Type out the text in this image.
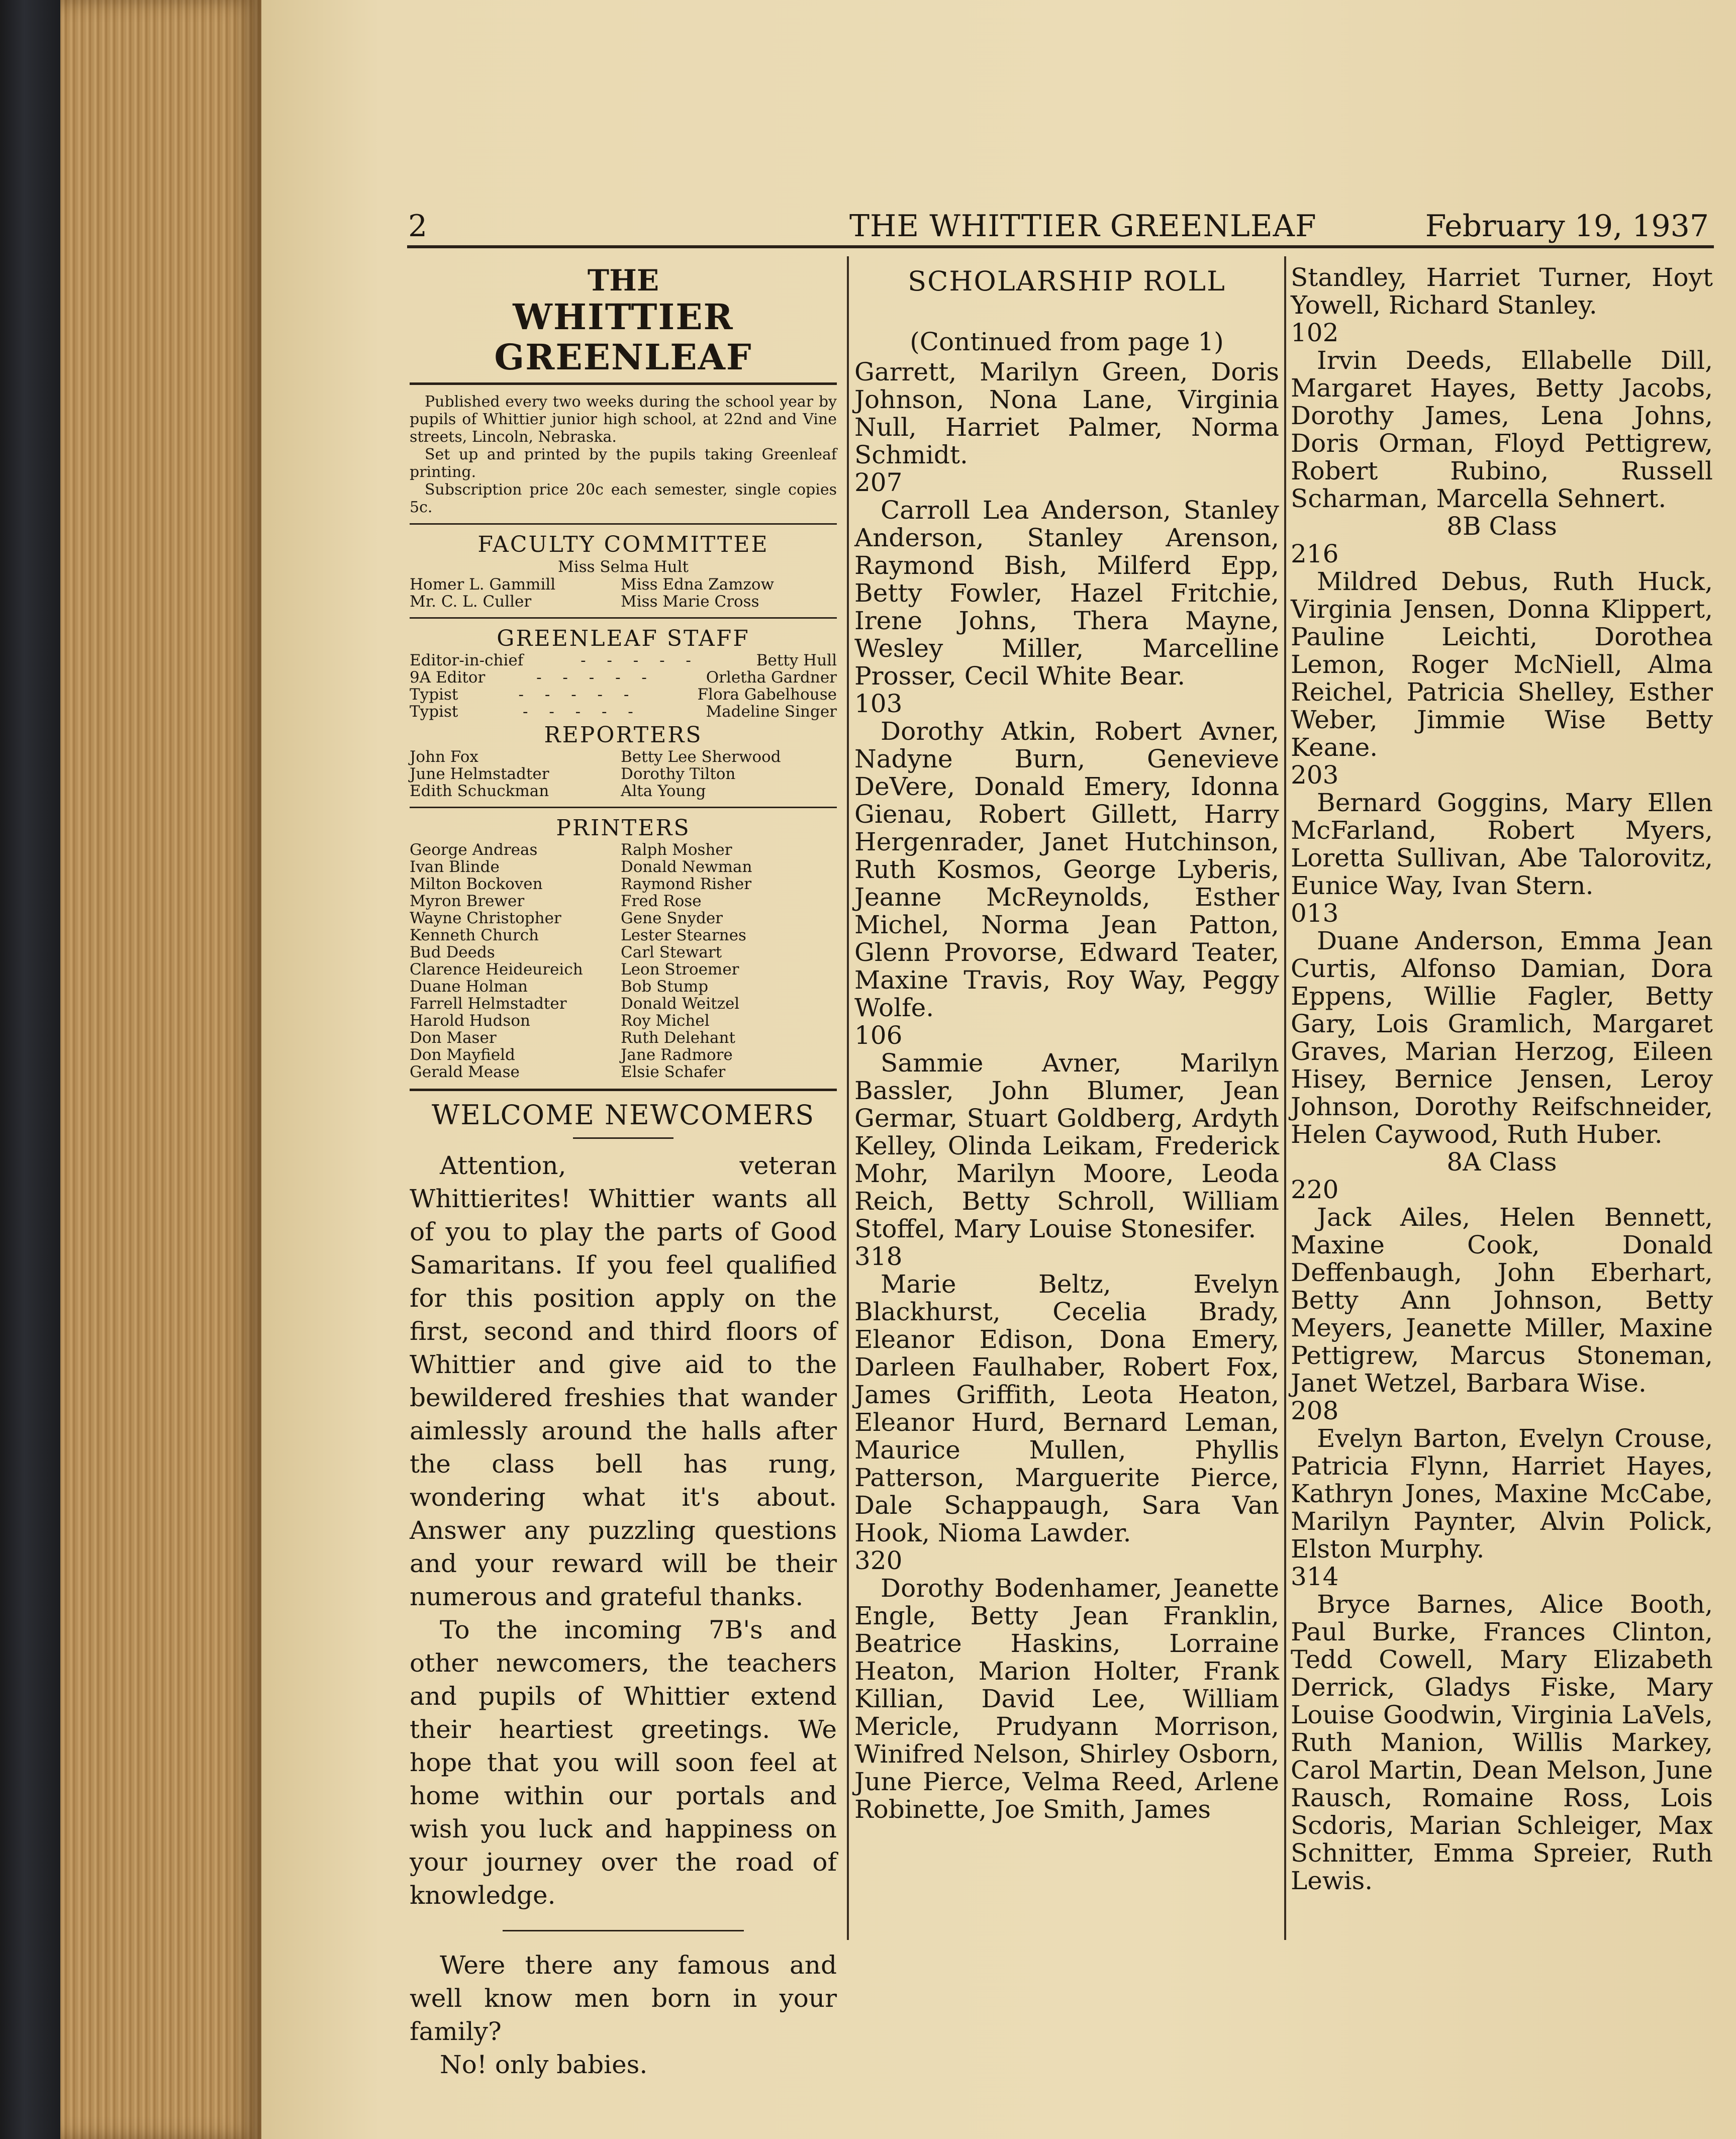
2	THE WHITTIER GREENLEAF	February 19, 1937
THE
WHITTIER GREENLEAF

Published every two weeks during the school year by pupils of Whittier junior high school, at 22nd and Vine streets, Lincoln, Nebraska.

Set up and printed by the pupils taking Greenleaf printing.

Subscription price 20c each semester, single copies 5c.

FACULTY COMMITTEE
Miss Selma Hult
Homer L. Gammill	Miss Edna Zamzow
Mr. C. L. Culler	Miss Marie Cross
GREENLEAF STAFF
Editor-in-chief	- - - - -	Betty Hull
9A Editor	- - - - -	Orletha Gardner
Typist	- - - - -	Flora Gabelhouse
Typist	- - - - -	Madeline Singer
REPORTERS
John Fox	Betty Lee Sherwood
June Helmstadter	Dorothy Tilton
Edith Schuckman	Alta Young
PRINTERS
George Andreas	Ralph Mosher
Ivan Blinde	Donald Newman
Milton Bockoven	Raymond Risher
Myron Brewer	Fred Rose
Wayne Christopher	Gene Snyder
Kenneth Church	Lester Stearnes
Bud Deeds	Carl Stewart
Clarence Heideureich	Leon Stroemer
Duane Holman	Bob Stump
Farrell Helmstadter	Donald Weitzel
Harold Hudson	Roy Michel
Don Maser	Ruth Delehant
Don Mayfield	Jane Radmore
Gerald Mease	Elsie Schafer
WELCOME NEWCOMERS

Attention, veteran Whittierites! Whittier wants all of you to play the parts of Good Samaritans. If you feel qualified for this position apply on the first, second and third floors of Whittier and give aid to the bewildered freshies that wander aimlessly around the halls after the class bell has rung, wondering what it's about. Answer any puzzling questions and your reward will be their numerous and grateful thanks.

To the incoming 7B's and other newcomers, the teachers and pupils of Whittier extend their heartiest greetings. We hope that you will soon feel at home within our portals and wish you luck and happiness on your journey over the road of knowledge.

Were there any famous and well know men born in your family?

No! only babies.

SCHOLARSHIP ROLL
(Continued from page 1)

Garrett, Marilyn Green, Doris Johnson, Nona Lane, Virginia Null, Harriet Palmer, Norma Schmidt.

207

Carroll Lea Anderson, Stanley Anderson, Stanley Arenson, Raymond Bish, Milferd Epp, Betty Fowler, Hazel Fritchie, Irene Johns, Thera Mayne, Wesley Miller, Marcelline Prosser, Cecil White Bear.

103

Dorothy Atkin, Robert Avner, Nadyne Burn, Genevieve DeVere, Donald Emery, Idonna Gienau, Robert Gillett, Harry Hergenrader, Janet Hutchinson, Ruth Kosmos, George Lyberis, Jeanne McReynolds, Esther Michel, Norma Jean Patton, Glenn Provorse, Edward Teater, Maxine Travis, Roy Way, Peggy Wolfe.

106

Sammie Avner, Marilyn Bassler, John Blumer, Jean Germar, Stuart Goldberg, Ardyth Kelley, Olinda Leikam, Frederick Mohr, Marilyn Moore, Leoda Reich, Betty Schroll, William Stoffel, Mary Louise Stonesifer.

318

Marie Beltz, Evelyn Blackhurst, Cecelia Brady, Eleanor Edison, Dona Emery, Darleen Faulhaber, Robert Fox, James Griffith, Leota Heaton, Eleanor Hurd, Bernard Leman, Maurice Mullen, Phyllis Patterson, Marguerite Pierce, Dale Schappaugh, Sara Van Hook, Nioma Lawder.

320

Dorothy Bodenhamer, Jeanette Engle, Betty Jean Franklin, Beatrice Haskins, Lorraine Heaton, Marion Holter, Frank Killian, David Lee, William Mericle, Prudyann Morrison, Winifred Nelson, Shirley Osborn, June Pierce, Velma Reed, Arlene Robinette, Joe Smith, James

Standley, Harriet Turner, Hoyt Yowell, Richard Stanley.

102

Irvin Deeds, Ellabelle Dill, Margaret Hayes, Betty Jacobs, Dorothy James, Lena Johns, Doris Orman, Floyd Pettigrew, Robert Rubino, Russell Scharman, Marcella Sehnert.

8B Class
216

Mildred Debus, Ruth Huck, Virginia Jensen, Donna Klippert, Pauline Leichti, Dorothea Lemon, Roger McNiell, Alma Reichel, Patricia Shelley, Esther Weber, Jimmie Wise Betty Keane.

203

Bernard Goggins, Mary Ellen McFarland, Robert Myers, Loretta Sullivan, Abe Talorovitz, Eunice Way, Ivan Stern.

013

Duane Anderson, Emma Jean Curtis, Alfonso Damian, Dora Eppens, Willie Fagler, Betty Gary, Lois Gramlich, Margaret Graves, Marian Herzog, Eileen Hisey, Bernice Jensen, Leroy Johnson, Dorothy Reifschneider, Helen Caywood, Ruth Huber.

8A Class
220

Jack Ailes, Helen Bennett, Maxine Cook, Donald Deffenbaugh, John Eberhart, Betty Ann Johnson, Betty Meyers, Jeanette Miller, Maxine Pettigrew, Marcus Stoneman, Janet Wetzel, Barbara Wise.

208

Evelyn Barton, Evelyn Crouse, Patricia Flynn, Harriet Hayes, Kathryn Jones, Maxine McCabe, Marilyn Paynter, Alvin Polick, Elston Murphy.

314

Bryce Barnes, Alice Booth, Paul Burke, Frances Clinton, Tedd Cowell, Mary Elizabeth Derrick, Gladys Fiske, Mary Louise Goodwin, Virginia LaVels, Ruth Manion, Willis Markey, Carol Martin, Dean Melson, June Rausch, Romaine Ross, Lois Scdoris, Marian Schleiger, Max Schnitter, Emma Spreier, Ruth Lewis.
